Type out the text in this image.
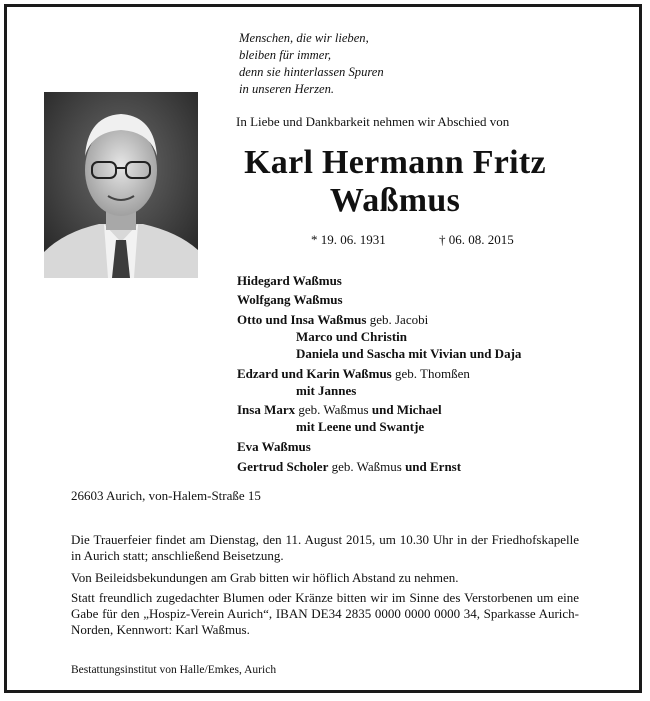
Menschen, die wir lieben,
bleiben für immer,
denn sie hinterlassen Spuren
in unseren Herzen.
In Liebe und Dankbarkeit nehmen wir Abschied von
Karl Hermann Fritz
Waßmus
* 19. 06. 1931	† 06. 08. 2015
Hidegard Waßmus
Wolfgang Waßmus
Otto und Insa Waßmus geb. Jacobi
Marco und Christin
Daniela und Sascha mit Vivian und Daja
Edzard und Karin Waßmus geb. Thomßen
mit Jannes
Insa Marx geb. Waßmus und Michael
mit Leene und Swantje
Eva Waßmus
Gertrud Scholer geb. Waßmus und Ernst
26603 Aurich, von-Halem-Straße 15
Die Trauerfeier findet am Dienstag, den 11. August 2015, um 10.30 Uhr in der Friedhofskapelle in Aurich statt; anschließend Beisetzung.
Von Beileidsbekundungen am Grab bitten wir höflich Abstand zu nehmen.
Statt freundlich zugedachter Blumen oder Kränze bitten wir im Sinne des Verstorbenen um eine Gabe für den „Hospiz-Verein Aurich“, IBAN DE34 2835 0000 0000 0000 34, Sparkasse Aurich-Norden, Kennwort: Karl Waßmus.
Bestattungsinstitut von Halle/Emkes, Aurich
